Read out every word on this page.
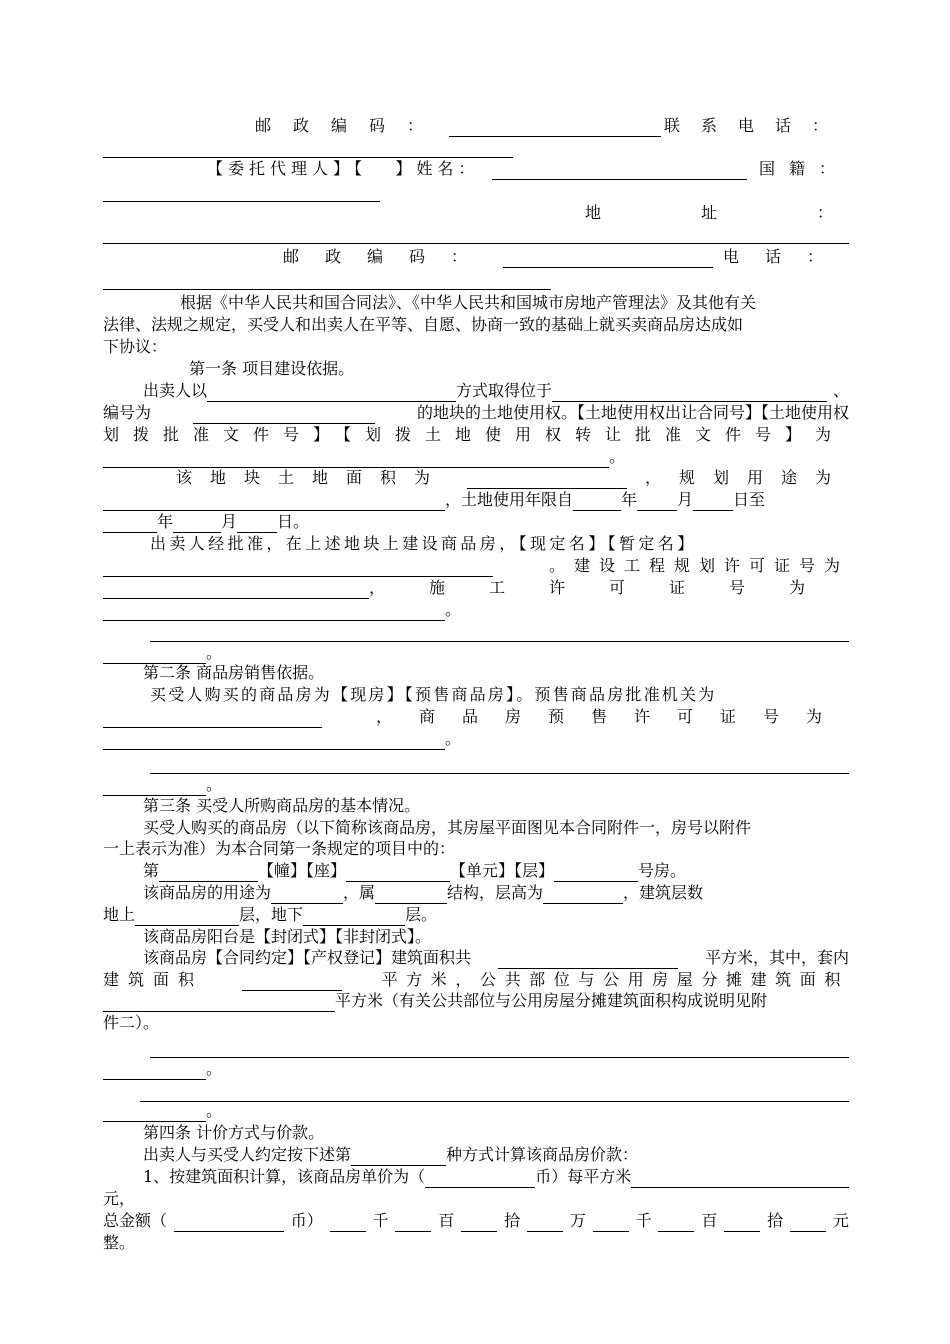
邮政编码：	联系电话：
【委托代理人】【 】姓名：	国籍：
地址：
邮政编码：	电话：
根据《中华人民共和国合同法》、《中华人民共和国城市房地产管理法》及其他有关
法律、法规之规定，买受人和出卖人在平等、自愿、协商一致的基础上就买卖商品房达成如
下协议：
第一条 项目建设依据。
出卖人以	方式取得位于	、
编号为	的地块的土地使用权。【土地使用权出让合同号】【土地使用权
划拨批准文件号】【划拨土地使用权转让批准文件号】为
。
该地块土地面积为	，规划用途为
，土地使用年限自	年	月	日至
年	月	日。
出卖人经批准，在上述地块上建设商品房，【现定名】【暂定名】
。建设工程规划许可证号为
，施工许可证号为
。
。
第二条 商品房销售依据。
买受人购买的商品房为【现房】【预售商品房】。预售商品房批准机关为
，商品房预售许可证号为
。
。
第三条 买受人所购商品房的基本情况。
买受人购买的商品房（以下简称该商品房，其房屋平面图见本合同附件一，房号以附件
一上表示为准）为本合同第一条规定的项目中的：
第	【幢】【座】	【单元】【层】	号房。
该商品房的用途为	，属	结构，层高为	，建筑层数
地上	层，地下	层。
该商品房阳台是【封闭式】【非封闭式】。
该商品房【合同约定】【产权登记】建筑面积共	平方米，其中，套内
建筑面积	平方米，公共部位与公用房屋分摊建筑面积
平方米（有关公共部位与公用房屋分摊建筑面积构成说明见附
件二）。
。
。
第四条 计价方式与价款。
出卖人与买受人约定按下述第	种方式计算该商品房价款：
1、按建筑面积计算，该商品房单价为（	币）每平方米
元，
总金额（	币）	千	百	拾	万	千	百	拾	元
整。
